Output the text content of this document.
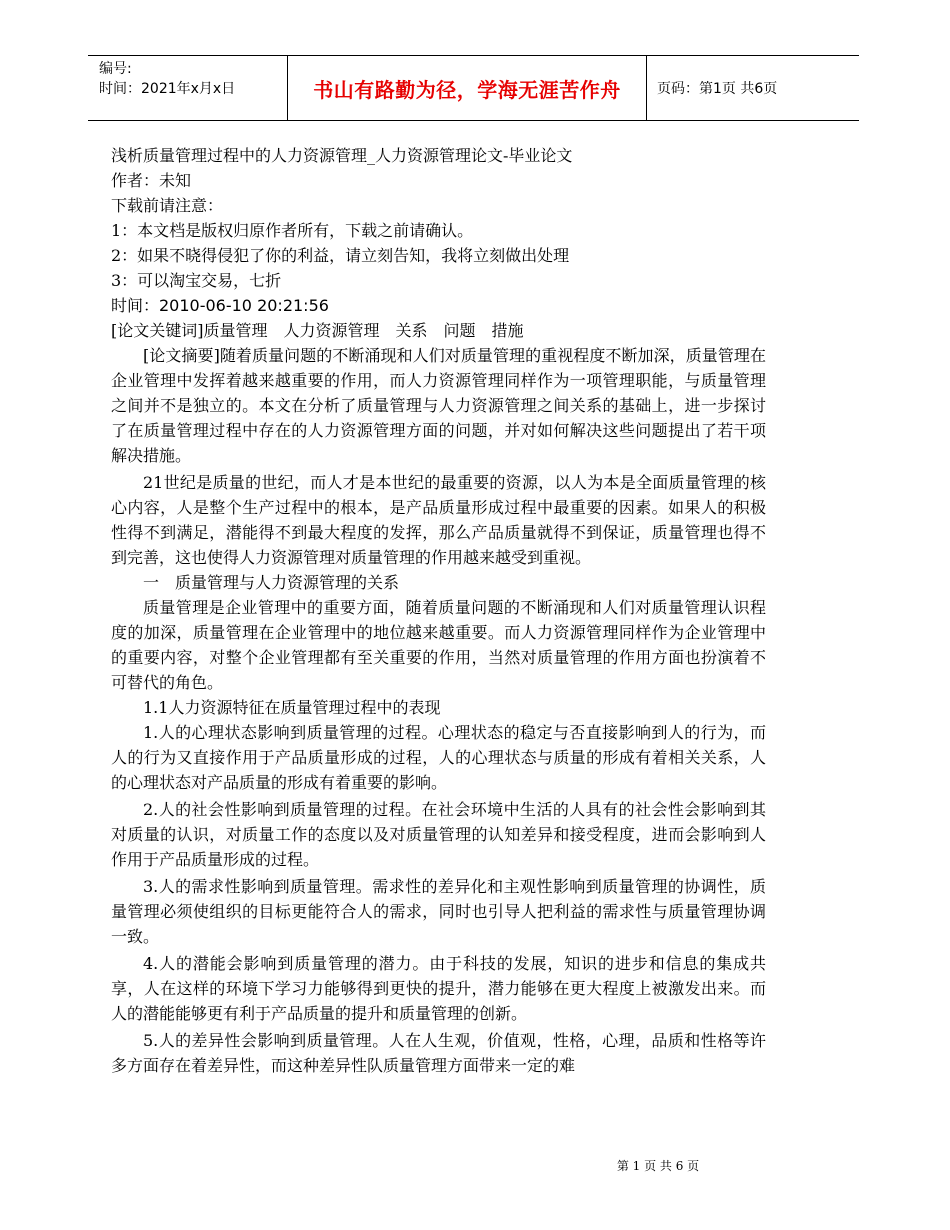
编号:
时间：2021年x月x日	书山有路勤为径，学海无涯苦作舟	页码：第1页 共6页

浅析质量管理过程中的人力资源管理_人力资源管理论文-毕业论文

作者：未知

下载前请注意：

1：本文档是版权归原作者所有，下载之前请确认。

2：如果不晓得侵犯了你的利益，请立刻告知，我将立刻做出处理

3：可以淘宝交易，七折

时间：2010-06-10 20:21:56

[论文关键词]质量管理　人力资源管理　关系　问题　措施

[论文摘要]随着质量问题的不断涌现和人们对质量管理的重视程度不断加深，质量管理在企业管理中发挥着越来越重要的作用，而人力资源管理同样作为一项管理职能，与质量管理之间并不是独立的。本文在分析了质量管理与人力资源管理之间关系的基础上，进一步探讨了在质量管理过程中存在的人力资源管理方面的问题，并对如何解决这些问题提出了若干项解决措施。

21世纪是质量的世纪，而人才是本世纪的最重要的资源，以人为本是全面质量管理的核心内容，人是整个生产过程中的根本，是产品质量形成过程中最重要的因素。如果人的积极性得不到满足，潜能得不到最大程度的发挥，那么产品质量就得不到保证，质量管理也得不到完善，这也使得人力资源管理对质量管理的作用越来越受到重视。

一　质量管理与人力资源管理的关系

质量管理是企业管理中的重要方面，随着质量问题的不断涌现和人们对质量管理认识程度的加深，质量管理在企业管理中的地位越来越重要。而人力资源管理同样作为企业管理中的重要内容，对整个企业管理都有至关重要的作用，当然对质量管理的作用方面也扮演着不可替代的角色。

1.1人力资源特征在质量管理过程中的表现

1.人的心理状态影响到质量管理的过程。心理状态的稳定与否直接影响到人的行为，而人的行为又直接作用于产品质量形成的过程，人的心理状态与质量的形成有着相关关系，人的心理状态对产品质量的形成有着重要的影响。

2.人的社会性影响到质量管理的过程。在社会环境中生活的人具有的社会性会影响到其对质量的认识，对质量工作的态度以及对质量管理的认知差异和接受程度，进而会影响到人作用于产品质量形成的过程。

3.人的需求性影响到质量管理。需求性的差异化和主观性影响到质量管理的协调性，质量管理必须使组织的目标更能符合人的需求，同时也引导人把利益的需求性与质量管理协调一致。

4.人的潜能会影响到质量管理的潜力。由于科技的发展，知识的进步和信息的集成共享，人在这样的环境下学习力能够得到更快的提升，潜力能够在更大程度上被激发出来。而人的潜能能够更有利于产品质量的提升和质量管理的创新。

5.人的差异性会影响到质量管理。人在人生观，价值观，性格，心理，品质和性格等许多方面存在着差异性，而这种差异性队质量管理方面带来一定的难

第 1 页 共 6 页
